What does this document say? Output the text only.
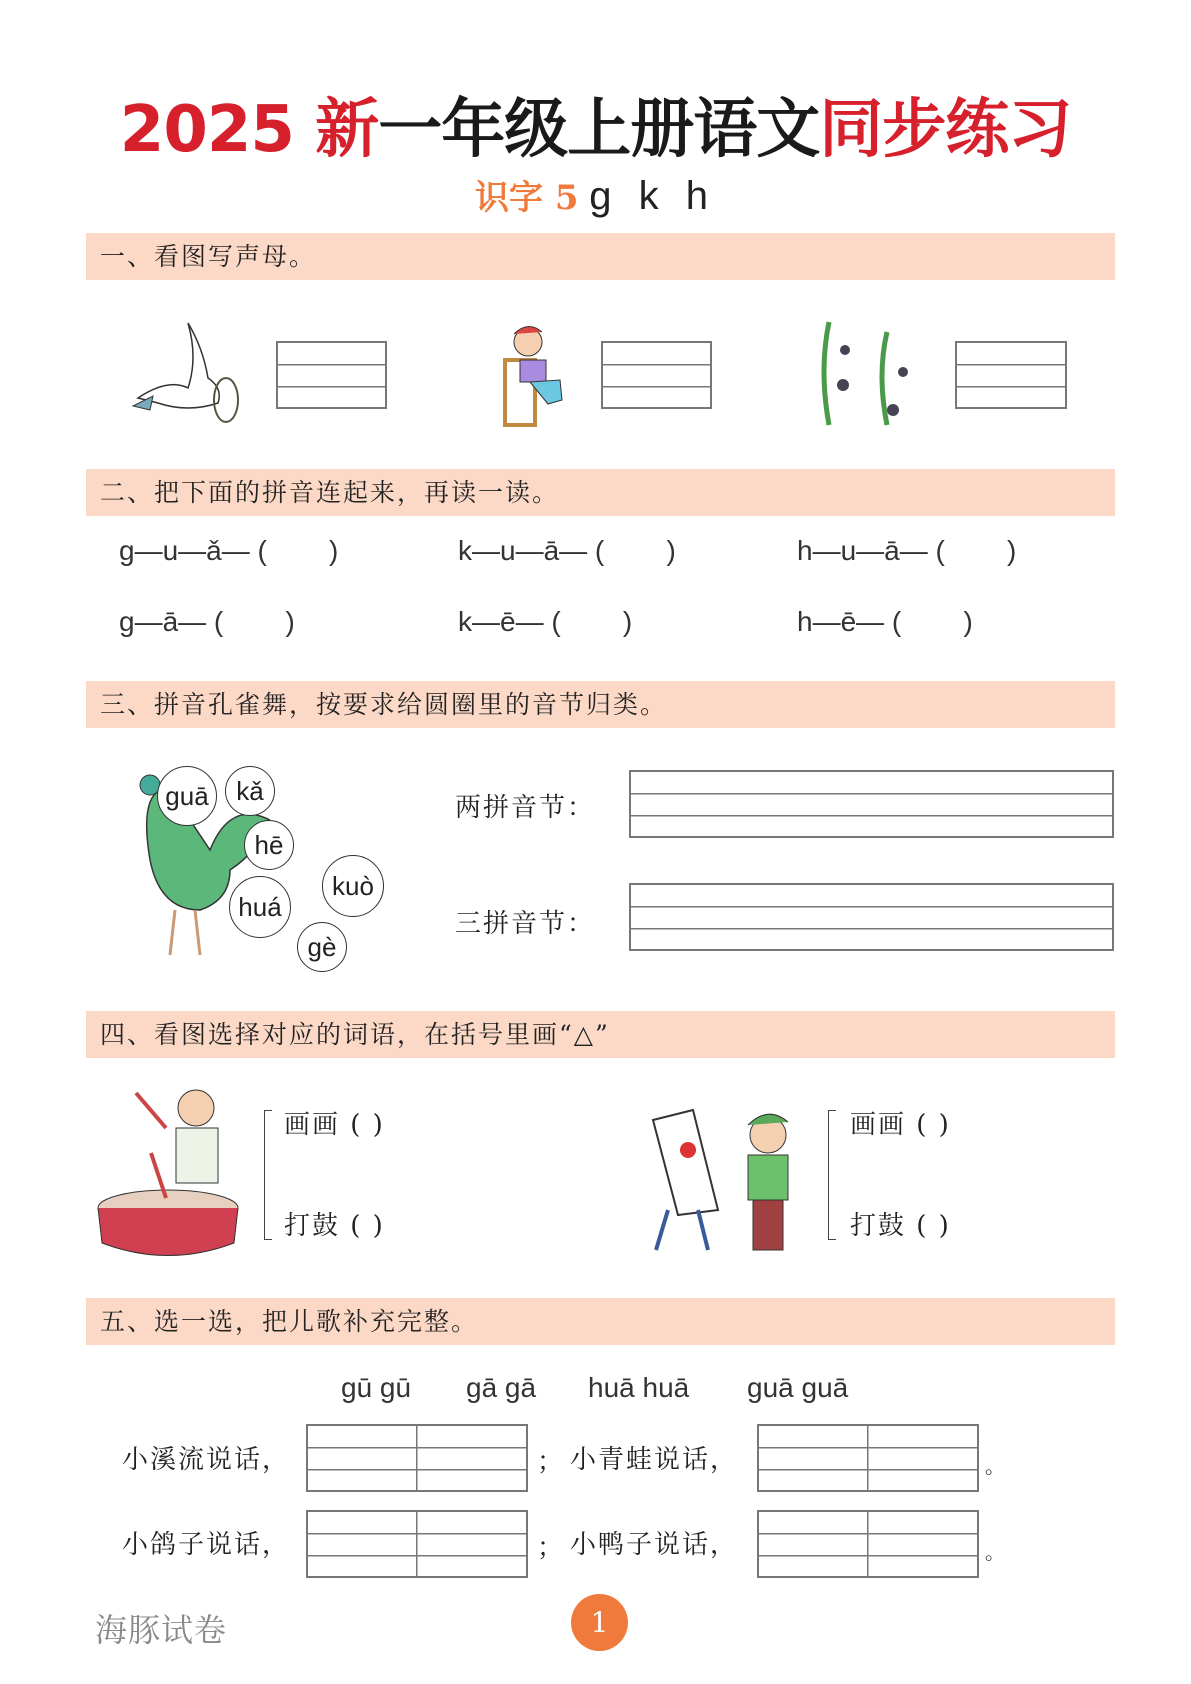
2025 新一年级上册语文同步练习
识字 5 g k h
一、看图写声母。
二、把下面的拼音连起来，再读一读。
g—u—ǎ— (        )	k—u—ā— (        )	h—u—ā— (        )
g—ā— (        )	k—ē— (        )	h—ē— (        )
三、拼音孔雀舞，按要求给圆圈里的音节归类。
guā	kǎ
hē
huá
kuò
gè
两拼音节：
三拼音节：
四、看图选择对应的词语，在括号里画“△”
画画 ( )
打鼓 ( )
画画 ( )
打鼓 ( )
五、选一选，把儿歌补充完整。
gū gū gā gā huā huā guā guā
小溪流说话，	； 小青蛙说话，	。
小鸽子说话，	； 小鸭子说话，	。
海豚试卷	1
